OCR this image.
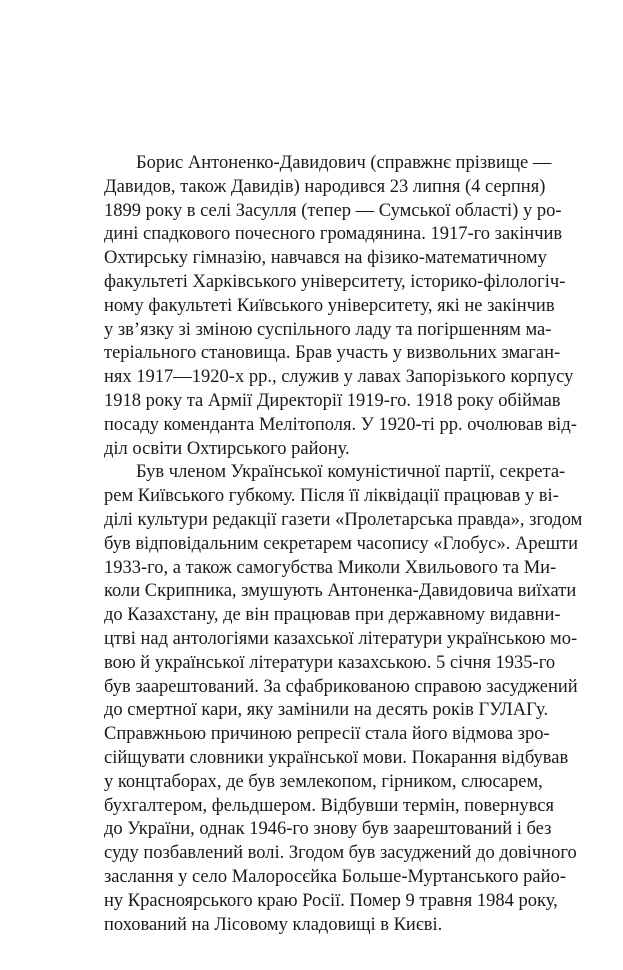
Борис Антоненко-Давидович (справжнє прізвище —
Давидов, також Давидів) народився 23 липня (4 серпня)
1899 року в селі Засулля (тепер — Сумської області) у ро-
дині спадкового почесного громадянина. 1917-го закінчив
Охтирську гімназію, навчався на фізико-математичному
факультеті Харківського університету, історико-філологіч-
ному факультеті Київського університету, які не закінчив
у зв’язку зі зміною суспільного ладу та погіршенням ма-
теріального становища. Брав участь у визвольних змаган-
нях 1917—1920-х рр., служив у лавах Запорізького корпусу
1918 року та Армії Директорії 1919-го. 1918 року обіймав
посаду коменданта Мелітополя. У 1920-ті рр. очолював від-
діл освіти Охтирського району.
Був членом Української комуністичної партії, секрета-
рем Київського губкому. Після її ліквідації працював у ві-
ділі культури редакції газети «Пролетарська правда», згодом
був відповідальним секретарем часопису «Глобус». Арешти
1933-го, а також самогубства Миколи Хвильового та Ми-
коли Скрипника, змушують Антоненка-Давидовича виїхати
до Казахстану, де він працював при державному видавни-
цтві над антологіями казахської літератури українською мо-
вою й української літератури казахською. 5 січня 1935-го
був заарештований. За сфабрикованою справою засуджений
до смертної кари, яку замінили на десять років ГУЛАГу.
Справжньою причиною репресії стала його відмова зро-
сійщувати словники української мови. Покарання відбував
у концтаборах, де був землекопом, гірником, слюсарем,
бухгалтером, фельдшером. Відбувши термін, повернувся
до України, однак 1946-го знову був заарештований і без
суду позбавлений волі. Згодом був засуджений до довічного
заслання у село Малоросєйка Больше-Муртанського райо-
ну Красноярського краю Росії. Помер 9 травня 1984 року,
похований на Лісовому кладовищі в Києві.
